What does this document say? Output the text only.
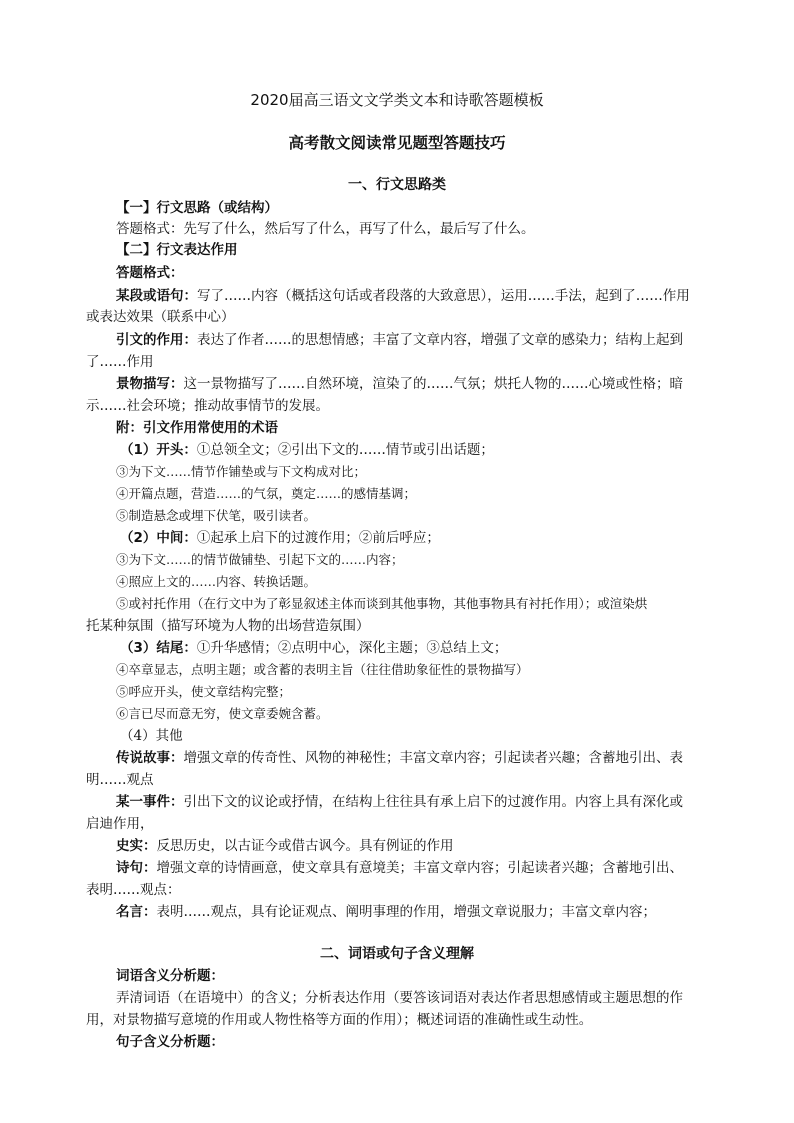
2020届高三语文文学类文本和诗歌答题模板
高考散文阅读常见题型答题技巧
一、行文思路类
【一】行文思路（或结构）
答题格式：先写了什么，然后写了什么，再写了什么，最后写了什么。
【二】行文表达作用
答题格式：
某段或语句：写了……内容（概括这句话或者段落的大致意思），运用……手法，起到了……作用
或表达效果（联系中心）
引文的作用：表达了作者……的思想情感；丰富了文章内容，增强了文章的感染力；结构上起到
了……作用
景物描写：这一景物描写了……自然环境，渲染了的……气氛；烘托人物的……心境或性格；暗
示……社会环境；推动故事情节的发展。
附：引文作用常使用的术语
（1）开头：①总领全文；②引出下文的……情节或引出话题；
③为下文……情节作铺垫或与下文构成对比；
④开篇点题，营造……的气氛，奠定……的感情基调；
⑤制造悬念或埋下伏笔，吸引读者。
（2）中间：①起承上启下的过渡作用；②前后呼应；
③为下文……的情节做铺垫、引起下文的……内容；
④照应上文的……内容、转换话题。
⑤或衬托作用（在行文中为了彰显叙述主体而谈到其他事物，其他事物具有衬托作用）；或渲染烘
托某种氛围（描写环境为人物的出场营造氛围）
（3）结尾：①升华感情；②点明中心，深化主题；③总结上文；
④卒章显志，点明主题；或含蓄的表明主旨（往往借助象征性的景物描写）
⑤呼应开头，使文章结构完整；
⑥言已尽而意无穷，使文章委婉含蓄。
（4）其他
传说故事：增强文章的传奇性、风物的神秘性；丰富文章内容；引起读者兴趣；含蓄地引出、表
明……观点
某一事件：引出下文的议论或抒情，在结构上往往具有承上启下的过渡作用。内容上具有深化或
启迪作用，
史实：反思历史，以古证今或借古讽今。具有例证的作用
诗句：增强文章的诗情画意，使文章具有意境美；丰富文章内容；引起读者兴趣；含蓄地引出、
表明……观点：
名言：表明……观点，具有论证观点、阐明事理的作用，增强文章说服力；丰富文章内容；
二、词语或句子含义理解
词语含义分析题：
弄清词语（在语境中）的含义；分析表达作用（要答该词语对表达作者思想感情或主题思想的作
用，对景物描写意境的作用或人物性格等方面的作用）；概述词语的准确性或生动性。
句子含义分析题：
